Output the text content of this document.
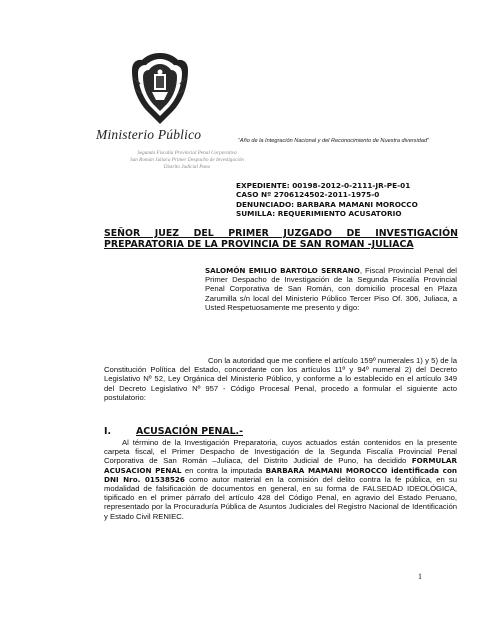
Ministerio Público	“Año de la Integración Nacional y del Reconocimiento de Nuestra diversidad”
Segunda Fiscalía Provincial Penal Corporativa
San Román Juliaca Primer Despacho de Investigación
Distrito Judicial Puno
EXPEDIENTE: 00198-2012-0-2111-JR-PE-01
CASO Nº 2706124502-2011-1975-0
DENUNCIADO: BARBARA MAMANI MOROCCO
SUMILLA: REQUERIMIENTO ACUSATORIO
SEÑOR JUEZ DEL PRIMER JUZGADO DE INVESTIGACIÓN PREPARATORIA DE LA PROVINCIA DE SAN ROMAN -JULIACA
SALOMÓN EMILIO BARTOLO SERRANO, Fiscal Provincial Penal del Primer Despacho de Investigación de la Segunda Fiscalía Provincial Penal Corporativa de San Román, con domicilio procesal en Plaza Zarumilla s/n local del Ministerio Público Tercer Piso Of. 306, Juliaca, a Usted Respetuosamente me presento y digo:
Con la autoridad que me confiere el artículo 159º numerales 1) y 5) de la Constitución Política del Estado, concordante con los artículos 11º y 94º numeral 2) del Decreto Legislativo Nº 52, Ley Orgánica del Ministerio Público, y conforme a lo establecido en el artículo 349 del Decreto Legislativo Nº 957 - Código Procesal Penal, procedo a formular el siguiente acto postulatorio:
I.	ACUSACIÓN PENAL.-
Al término de la Investigación Preparatoria, cuyos actuados están contenidos en la presente carpeta fiscal, el Primer Despacho de Investigación de la Segunda Fiscalía Provincial Penal Corporativa de San Román –Juliaca, del Distrito Judicial de Puno, ha decidido FORMULAR ACUSACION PENAL en contra la imputada BARBARA MAMANI MOROCCO identificada con DNI Nro. 01538526 como autor material en la comisión del delito contra la fe pública, en su modalidad de falsificación de documentos en general, en su forma de FALSEDAD IDEOLÓGICA, tipificado en el primer párrafo del artículo 428 del Código Penal, en agravio del Estado Peruano, representado por la Procuraduría Pública de Asuntos Judiciales del Registro Nacional de Identificación y Estado Civil RENIEC.
1
